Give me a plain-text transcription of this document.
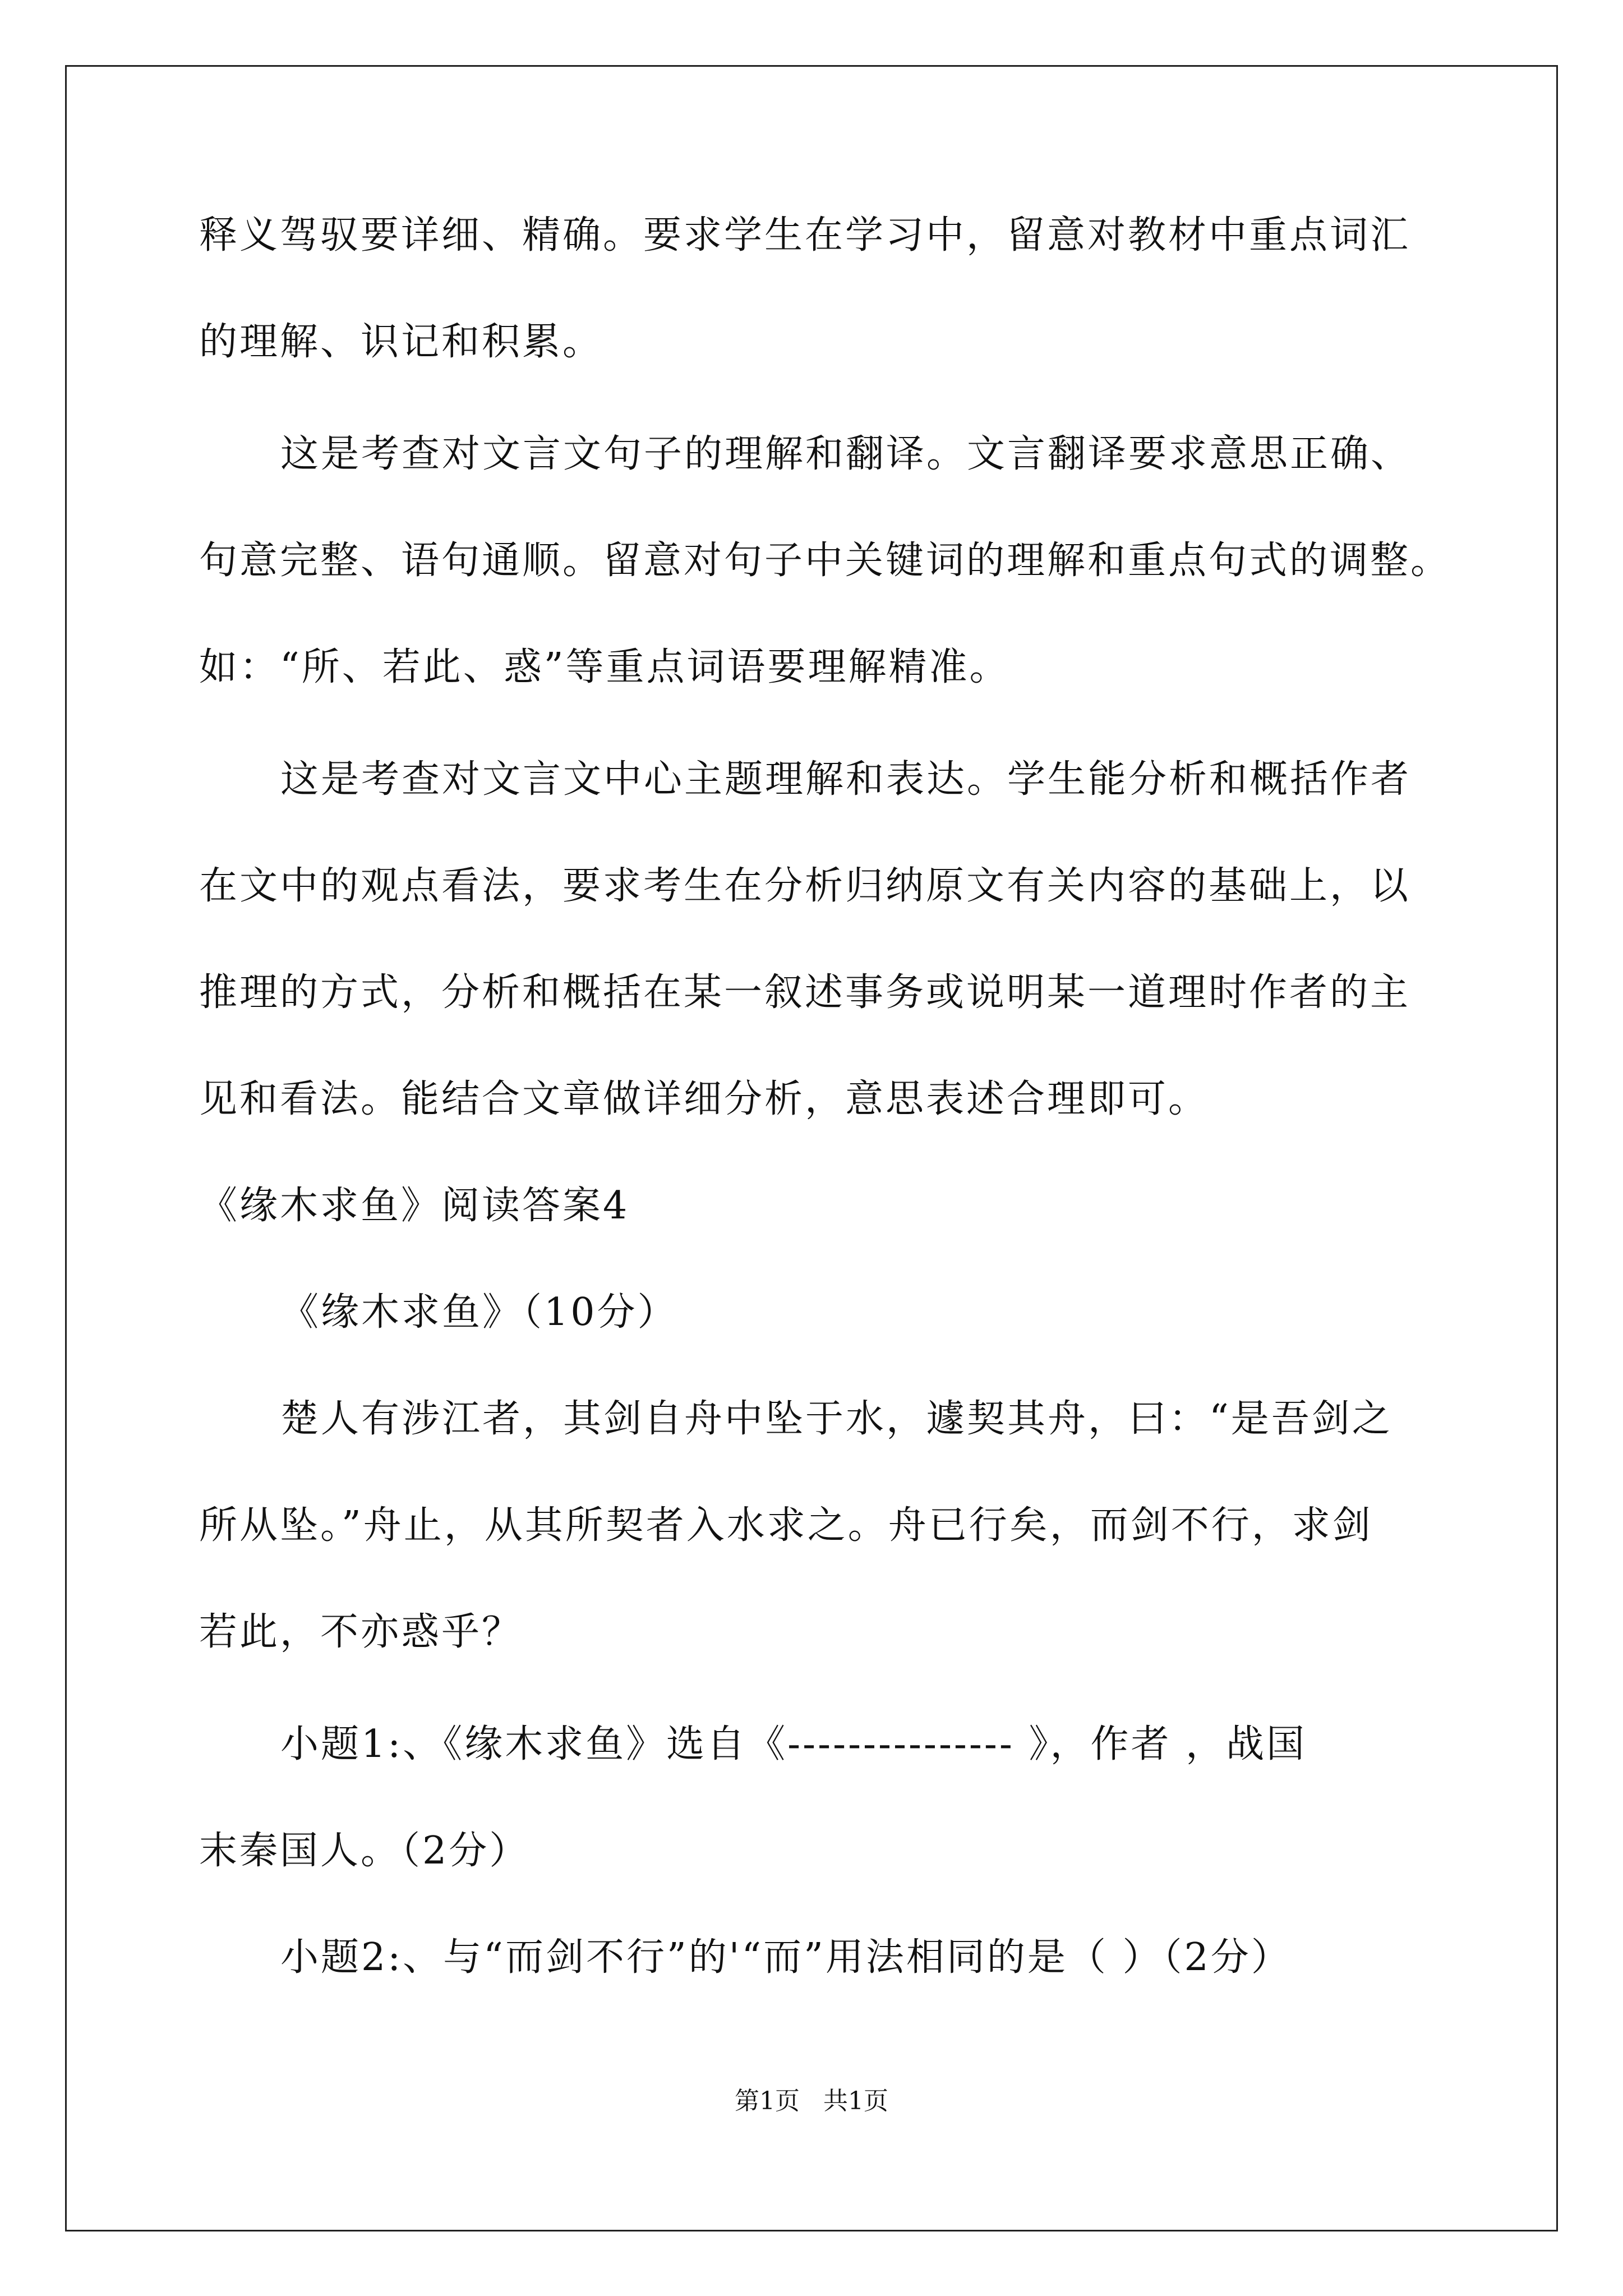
释义驾驭要详细、精确。要求学生在学习中，留意对教材中重点词汇
的理解、识记和积累。
这是考查对文言文句子的理解和翻译。文言翻译要求意思正确、
句意完整、语句通顺。留意对句子中关键词的理解和重点句式的调整。
如：“所、若此、惑”等重点词语要理解精准。
这是考查对文言文中心主题理解和表达。学生能分析和概括作者
在文中的观点看法，要求考生在分析归纳原文有关内容的基础上，以
推理的方式，分析和概括在某一叙述事务或说明某一道理时作者的主
见和看法。能结合文章做详细分析，意思表述合理即可。
《缘木求鱼》阅读答案4
《缘木求鱼》（10分）
楚人有涉江者，其剑自舟中坠于水，遽契其舟，曰：“是吾剑之
所从坠。”舟止，从其所契者入水求之。舟已行矣，而剑不行，求剑
若此，不亦惑乎？
小题1:、《缘木求鱼》选自《--------------- 》，作者 ，战国
末秦国人。（2分）
小题2:、与“而剑不行”的'“而”用法相同的是（ ）（2分）
第1页   共1页
